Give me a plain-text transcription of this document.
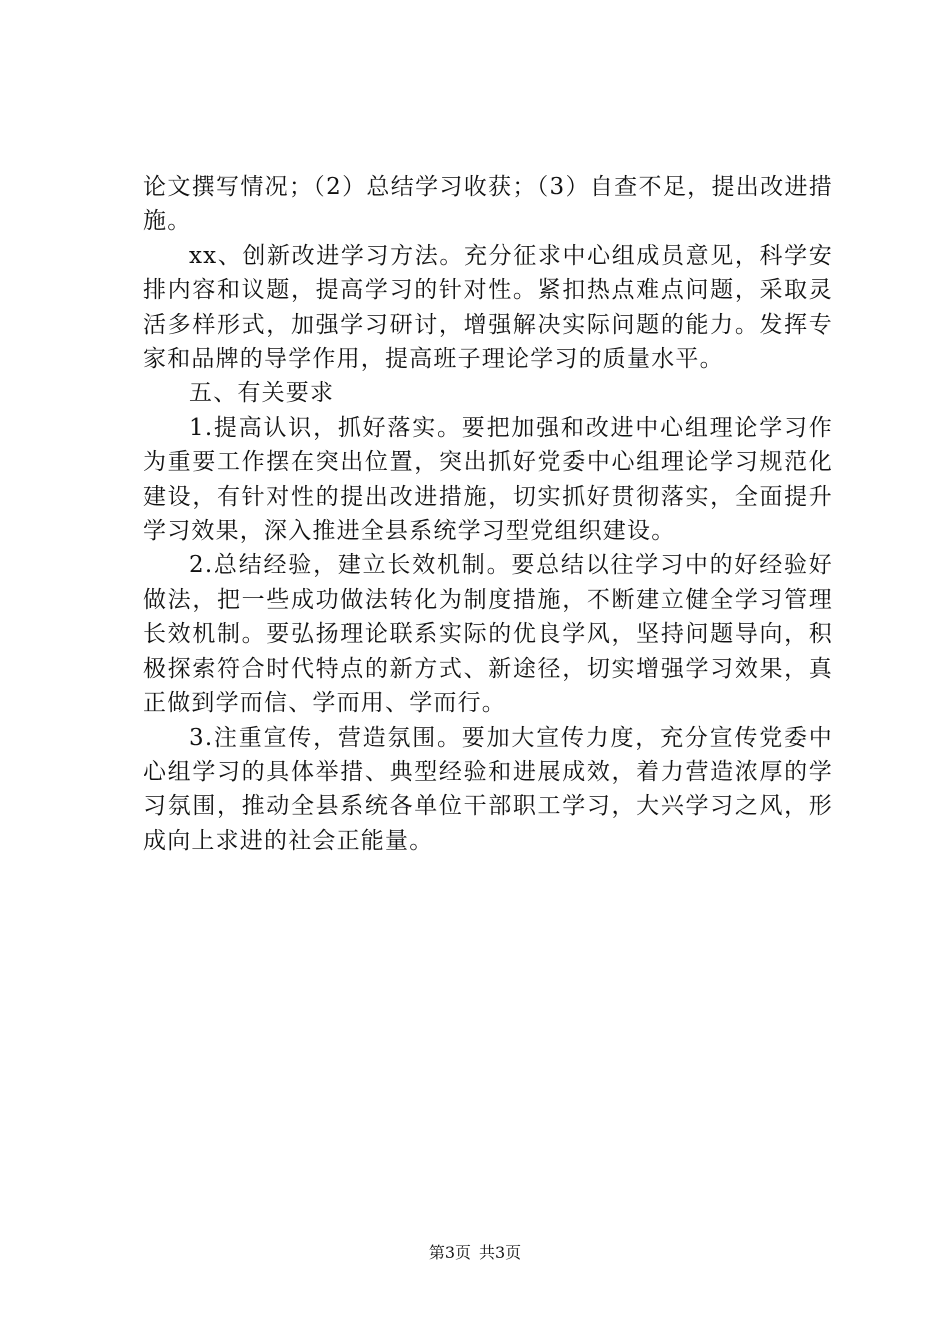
论文撰写情况；（2）总结学习收获；（3）自查不足，提出改进措施。

xx、创新改进学习方法。充分征求中心组成员意见，科学安排内容和议题，提高学习的针对性。紧扣热点难点问题，采取灵活多样形式，加强学习研讨，增强解决实际问题的能力。发挥专家和品牌的导学作用，提高班子理论学习的质量水平。

五、有关要求

1.提高认识，抓好落实。要把加强和改进中心组理论学习作为重要工作摆在突出位置，突出抓好党委中心组理论学习规范化建设，有针对性的提出改进措施，切实抓好贯彻落实，全面提升学习效果，深入推进全县系统学习型党组织建设。

2.总结经验，建立长效机制。要总结以往学习中的好经验好做法，把一些成功做法转化为制度措施，不断建立健全学习管理长效机制。要弘扬理论联系实际的优良学风，坚持问题导向，积极探索符合时代特点的新方式、新途径，切实增强学习效果，真正做到学而信、学而用、学而行。

3.注重宣传，营造氛围。要加大宣传力度，充分宣传党委中心组学习的具体举措、典型经验和进展成效，着力营造浓厚的学习氛围，推动全县系统各单位干部职工学习，大兴学习之风，形成向上求进的社会正能量。

第3页 共3页
